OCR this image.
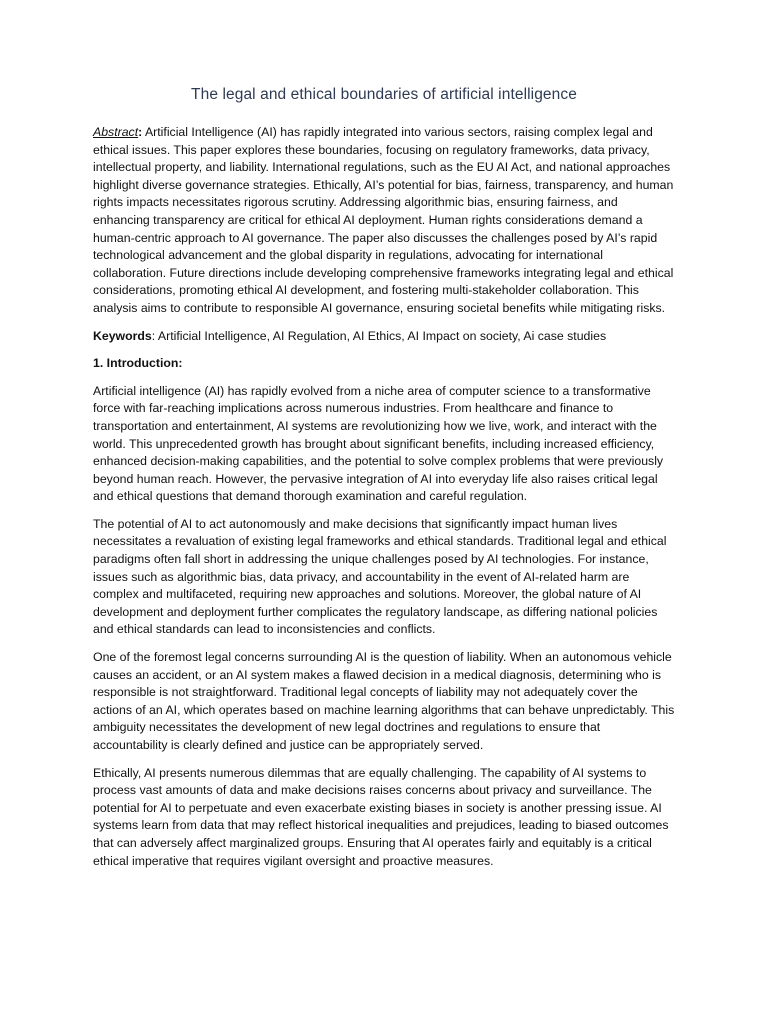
The legal and ethical boundaries of artificial intelligence

Abstract: Artificial Intelligence (AI) has rapidly integrated into various sectors, raising complex legal and ethical issues. This paper explores these boundaries, focusing on regulatory frameworks, data privacy, intellectual property, and liability. International regulations, such as the EU AI Act, and national approaches highlight diverse governance strategies. Ethically, AI’s potential for bias, fairness, transparency, and human rights impacts necessitates rigorous scrutiny. Addressing algorithmic bias, ensuring fairness, and enhancing transparency are critical for ethical AI deployment. Human rights considerations demand a human-centric approach to AI governance. The paper also discusses the challenges posed by AI’s rapid technological advancement and the global disparity in regulations, advocating for international collaboration. Future directions include developing comprehensive frameworks integrating legal and ethical considerations, promoting ethical AI development, and fostering multi-stakeholder collaboration. This analysis aims to contribute to responsible AI governance, ensuring societal benefits while mitigating risks.

Keywords: Artificial Intelligence, AI Regulation, AI Ethics, AI Impact on society, Ai case studies

1. Introduction:

Artificial intelligence (AI) has rapidly evolved from a niche area of computer science to a transformative force with far-reaching implications across numerous industries. From healthcare and finance to transportation and entertainment, AI systems are revolutionizing how we live, work, and interact with the world. This unprecedented growth has brought about significant benefits, including increased efficiency, enhanced decision-making capabilities, and the potential to solve complex problems that were previously beyond human reach. However, the pervasive integration of AI into everyday life also raises critical legal and ethical questions that demand thorough examination and careful regulation.

The potential of AI to act autonomously and make decisions that significantly impact human lives necessitates a revaluation of existing legal frameworks and ethical standards. Traditional legal and ethical paradigms often fall short in addressing the unique challenges posed by AI technologies. For instance, issues such as algorithmic bias, data privacy, and accountability in the event of AI-related harm are complex and multifaceted, requiring new approaches and solutions. Moreover, the global nature of AI development and deployment further complicates the regulatory landscape, as differing national policies and ethical standards can lead to inconsistencies and conflicts.

One of the foremost legal concerns surrounding AI is the question of liability. When an autonomous vehicle causes an accident, or an AI system makes a flawed decision in a medical diagnosis, determining who is responsible is not straightforward. Traditional legal concepts of liability may not adequately cover the actions of an AI, which operates based on machine learning algorithms that can behave unpredictably. This ambiguity necessitates the development of new legal doctrines and regulations to ensure that accountability is clearly defined and justice can be appropriately served.

Ethically, AI presents numerous dilemmas that are equally challenging. The capability of AI systems to process vast amounts of data and make decisions raises concerns about privacy and surveillance. The potential for AI to perpetuate and even exacerbate existing biases in society is another pressing issue. AI systems learn from data that may reflect historical inequalities and prejudices, leading to biased outcomes that can adversely affect marginalized groups. Ensuring that AI operates fairly and equitably is a critical ethical imperative that requires vigilant oversight and proactive measures.
